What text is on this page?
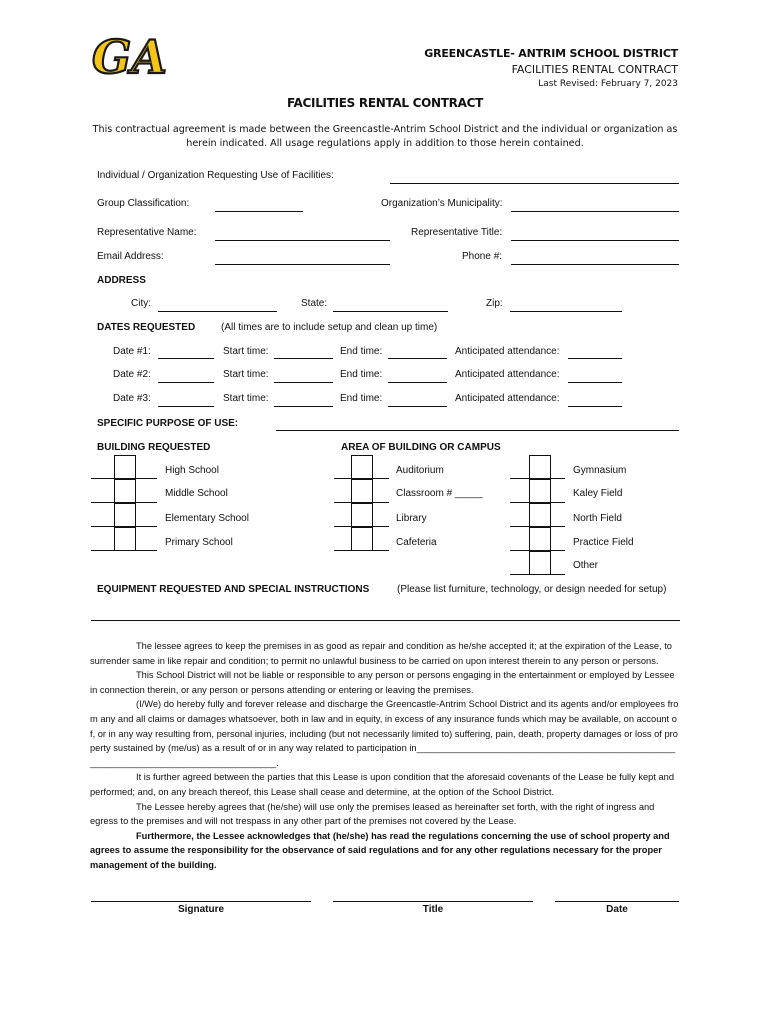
GA	GREENCASTLE- ANTRIM SCHOOL DISTRICT
FACILITIES RENTAL CONTRACT
Last Revised: February 7, 2023
FACILITIES RENTAL CONTRACT
This contractual agreement is made between the Greencastle-Antrim School District and the individual or organization as
herein indicated. All usage regulations apply in addition to those herein contained.
Individual / Organization Requesting Use of Facilities:
Group Classification:	Organization’s Municipality:
Representative Name:	Representative Title:
Email Address:	Phone #:
ADDRESS
City:	State:	Zip:
DATES REQUESTED	(All times are to include setup and clean up time)
Date #1:	Start time:	End time:	Anticipated attendance:
Date #2:	Start time:	End time:	Anticipated attendance:
Date #3:	Start time:	End time:	Anticipated attendance:
SPECIFIC PURPOSE OF USE:
BUILDING REQUESTED	AREA OF BUILDING OR CAMPUS
High School
Middle School
Elementary School
Primary School
Auditorium
Classroom # _____
Library
Cafeteria
Gymnasium
Kaley Field
North Field
Practice Field
Other
EQUIPMENT REQUESTED AND SPECIAL INSTRUCTIONS	(Please list furniture, technology, or design needed for setup)

The lessee agrees to keep the premises in as good as repair and condition as he/she accepted it; at the expiration of the Lease, to surrender same in like repair and condition; to permit no unlawful business to be carried on upon interest therein to any person or persons.

This School District will not be liable or responsible to any person or persons engaging in the entertainment or employed by Lessee in connection therein, or any person or persons attending or entering or leaving the premises.

(I/We) do hereby fully and forever release and discharge the Greencastle-Antrim School District and its agents and/or employees from any and all claims or damages whatsoever, both in law and in equity, in excess of any insurance funds which may be available, on account of, or in any way resulting from, personal injuries, including (but not necessarily limited to) suffering, pain, death, property damages or loss of property sustained by (me/us) as a result of or in any way related to participation in______________________________________________________________________________________.

It is further agreed between the parties that this Lease is upon condition that the aforesaid covenants of the Lease be fully kept and performed; and, on any breach thereof, this Lease shall cease and determine, at the option of the School District.

The Lessee hereby agrees that (he/she) will use only the premises leased as hereinafter set forth, with the right of ingress and egress to the premises and will not trespass in any other part of the premises not covered by the Lease.

Furthermore, the Lessee acknowledges that (he/she) has read the regulations concerning the use of school property and agrees to assume the responsibility for the observance of said regulations and for any other regulations necessary for the proper management of the building.

Signature	Title	Date
